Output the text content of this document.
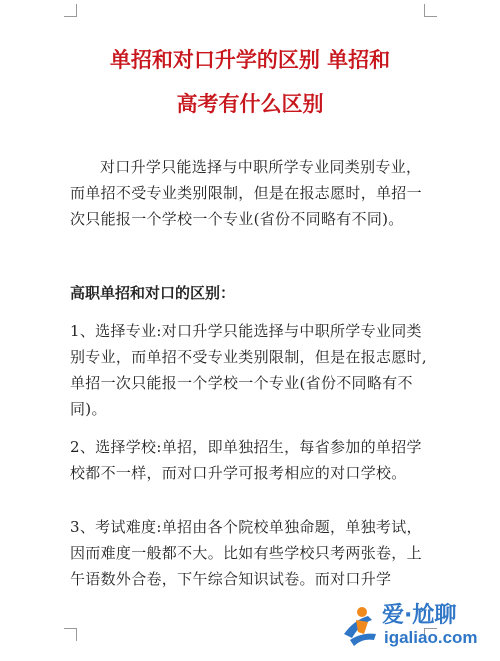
单招和对口升学的区别 单招和
高考有什么区别
对口升学只能选择与中职所学专业同类别专业，而单招不受专业类别限制，但是在报志愿时，单招一次只能报一个学校一个专业(省份不同略有不同)。
高职单招和对口的区别：
1、选择专业:对口升学只能选择与中职所学专业同类别专业，而单招不受专业类别限制，但是在报志愿时,单招一次只能报一个学校一个专业(省份不同略有不同)。
2、选择学校:单招，即单独招生，每省参加的单招学校都不一样，而对口升学可报考相应的对口学校。
3、考试难度:单招由各个院校单独命题，单独考试，因而难度一般都不大。比如有些学校只考两张卷，上午语数外合卷，下午综合知识试卷。而对口升学
爱·尬聊
igaliao.com
